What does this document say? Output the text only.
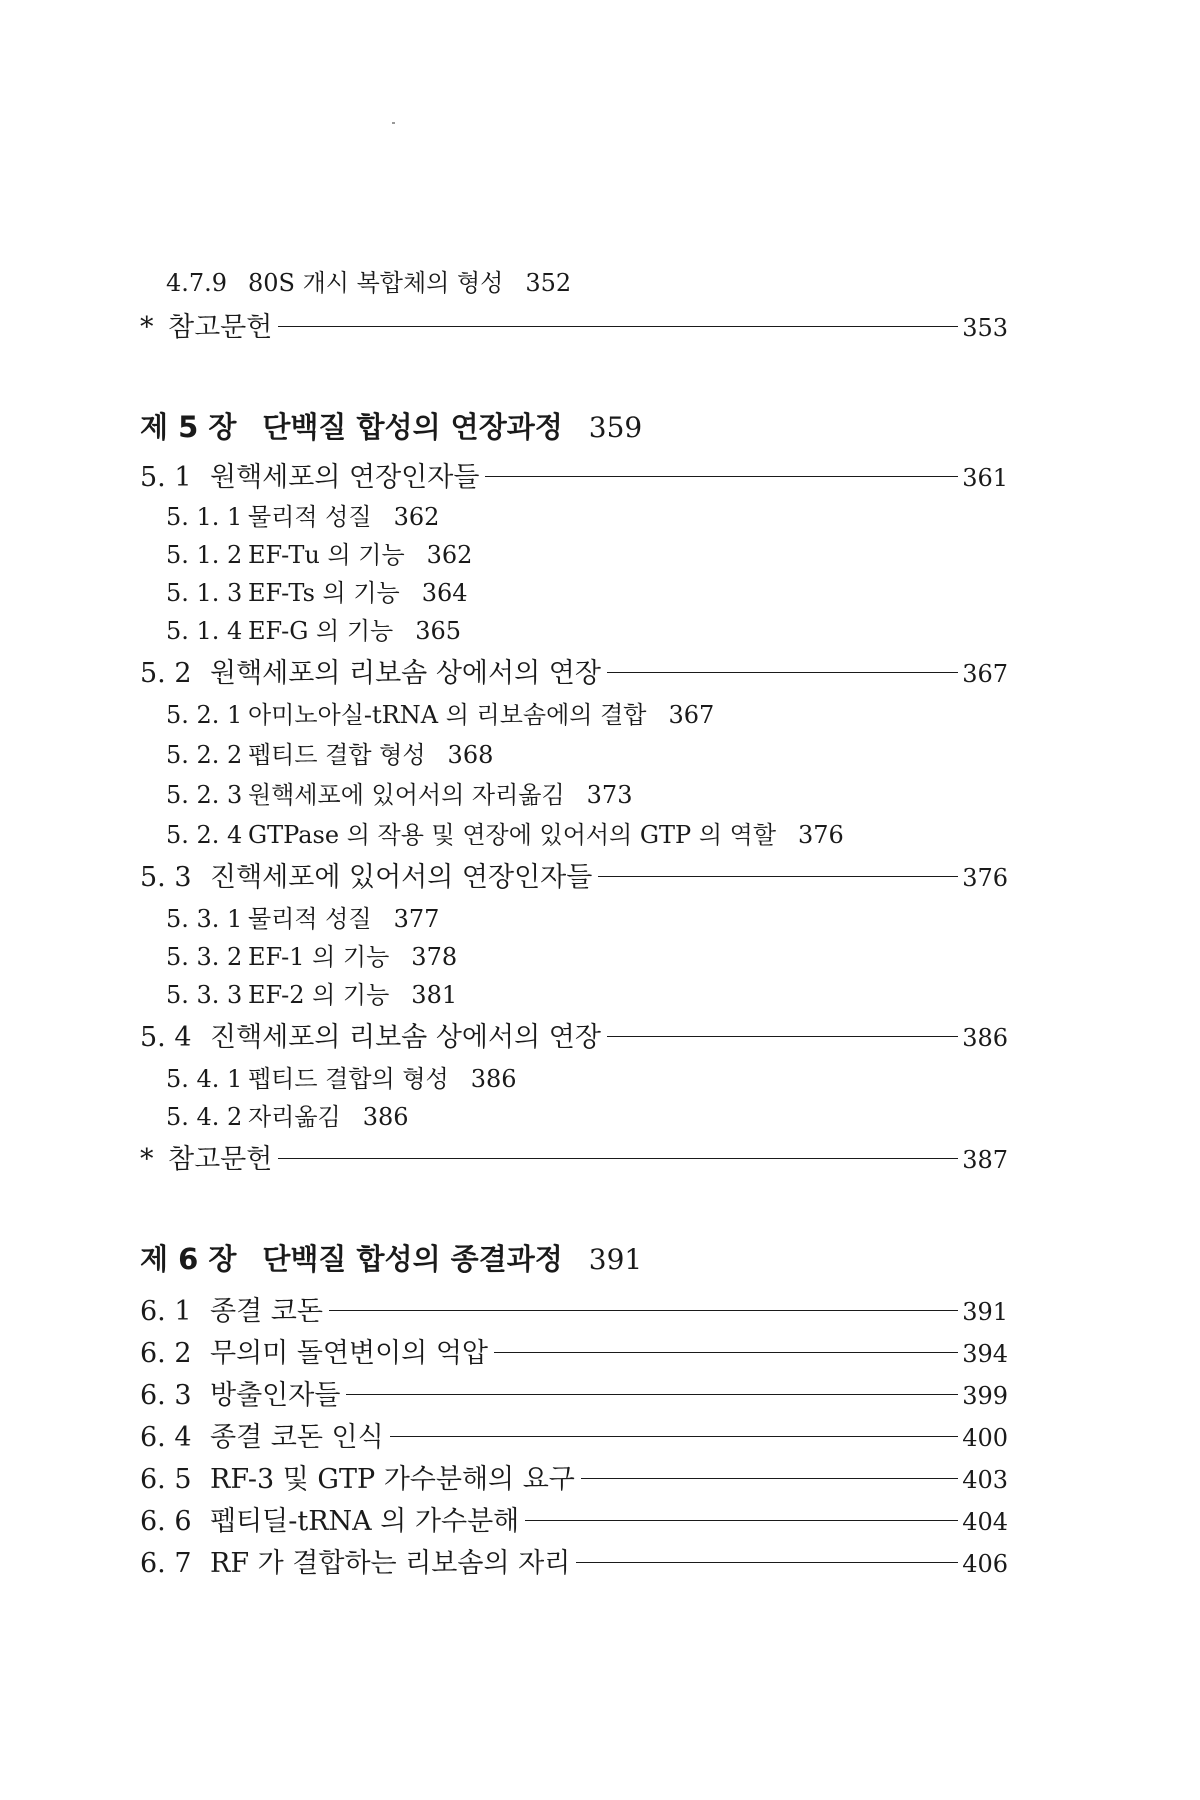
4.7.9 80S 개시 복합체의 형성 352
* 참고문헌	353
제 5 장 단백질 합성의 연장과정 359
5. 1 원핵세포의 연장인자들	361
5. 1. 1 물리적 성질 362
5. 1. 2 EF-Tu 의 기능 362
5. 1. 3 EF-Ts 의 기능 364
5. 1. 4 EF-G 의 기능 365
5. 2 원핵세포의 리보솜 상에서의 연장	367
5. 2. 1 아미노아실-tRNA 의 리보솜에의 결합 367
5. 2. 2 펩티드 결합 형성 368
5. 2. 3 원핵세포에 있어서의 자리옮김 373
5. 2. 4 GTPase 의 작용 및 연장에 있어서의 GTP 의 역할 376
5. 3 진핵세포에 있어서의 연장인자들	376
5. 3. 1 물리적 성질 377
5. 3. 2 EF-1 의 기능 378
5. 3. 3 EF-2 의 기능 381
5. 4 진핵세포의 리보솜 상에서의 연장	386
5. 4. 1 펩티드 결합의 형성 386
5. 4. 2 자리옮김 386
* 참고문헌	387
제 6 장 단백질 합성의 종결과정 391
6. 1 종결 코돈	391
6. 2 무의미 돌연변이의 억압	394
6. 3 방출인자들	399
6. 4 종결 코돈 인식	400
6. 5 RF-3 및 GTP 가수분해의 요구	403
6. 6 펩티딜-tRNA 의 가수분해	404
6. 7 RF 가 결합하는 리보솜의 자리	406
